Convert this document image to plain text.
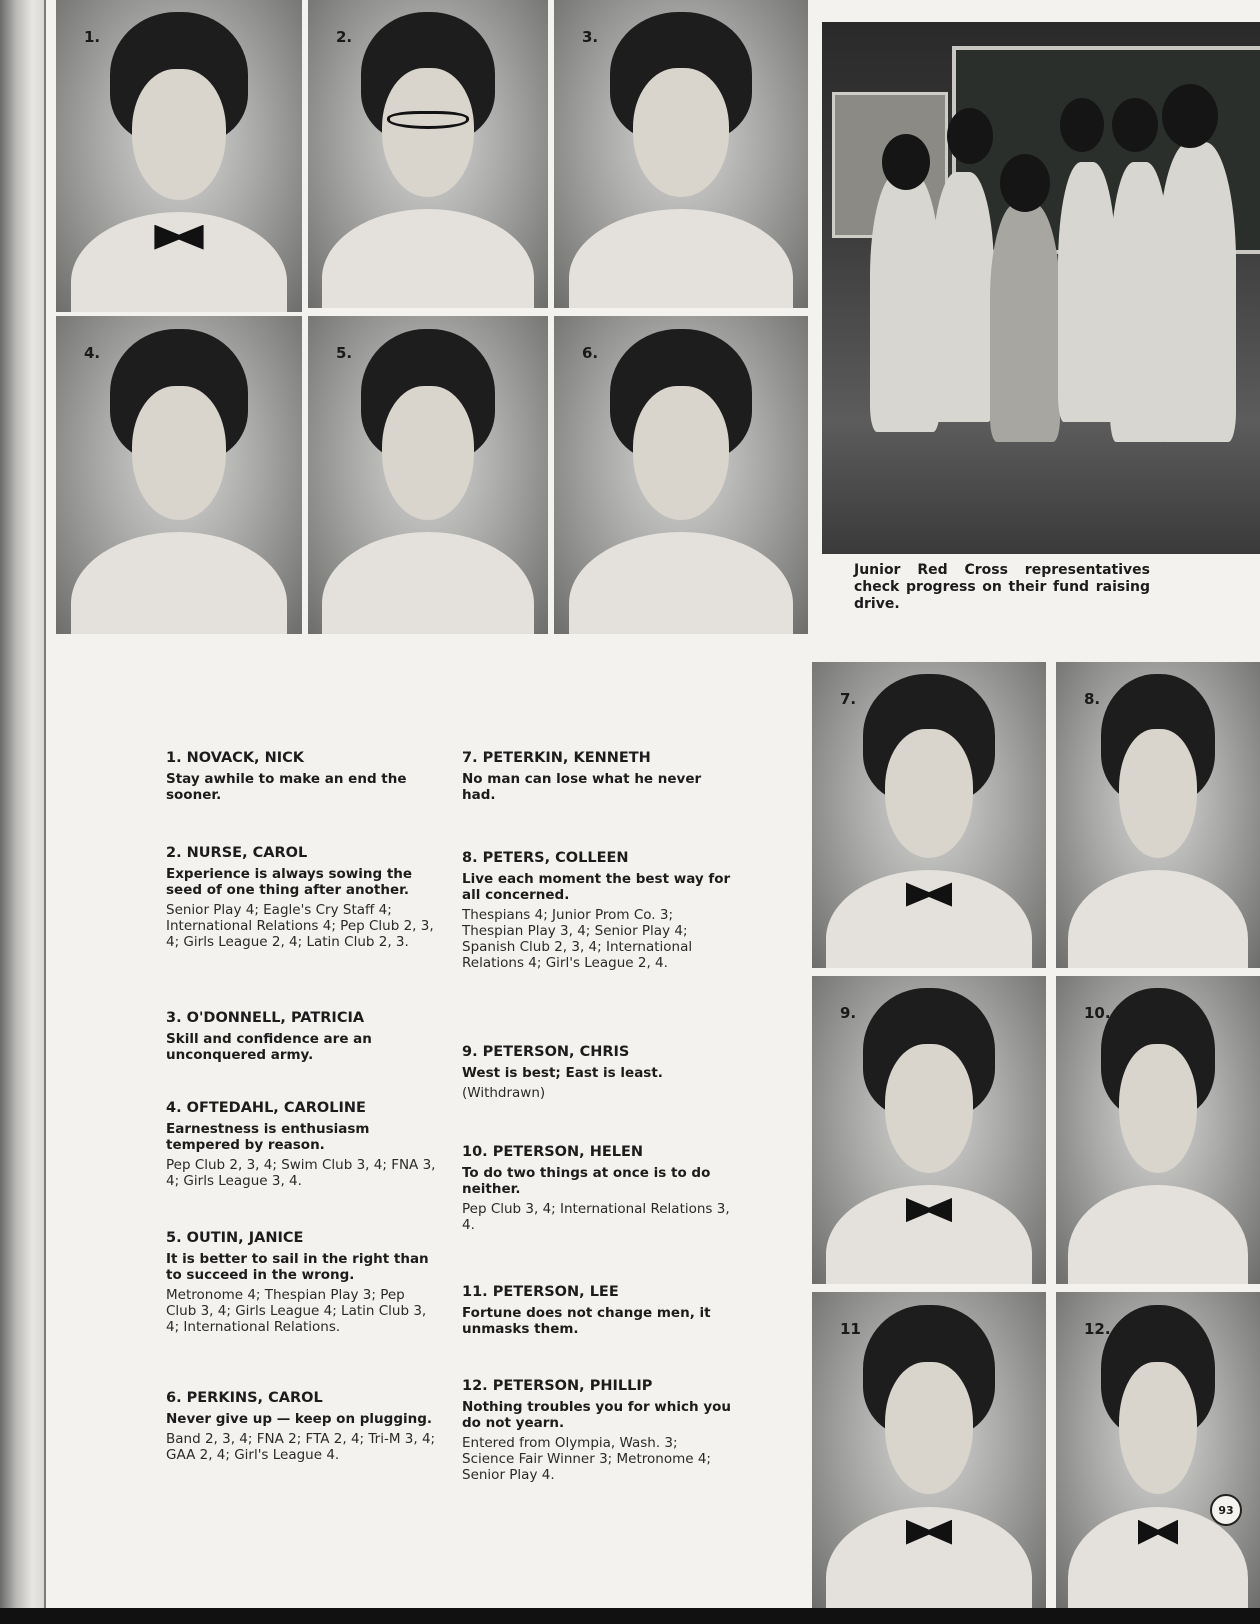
1.	2.	3.
4.	5.	6.
7.	8.
9.	10.
11	12.
Junior Red Cross representatives check progress on their fund raising drive.
1. NOVACK, NICK
Stay awhile to make an end the sooner.
2. NURSE, CAROL
Experience is always sowing the seed of one thing after another.
Senior Play 4; Eagle's Cry Staff 4; International Relations 4; Pep Club 2, 3, 4; Girls League 2, 4; Latin Club 2, 3.
3. O'DONNELL, PATRICIA
Skill and confidence are an unconquered army.
4. OFTEDAHL, CAROLINE
Earnestness is enthusiasm tempered by reason.
Pep Club 2, 3, 4; Swim Club 3, 4; FNA 3, 4; Girls League 3, 4.
5. OUTIN, JANICE
It is better to sail in the right than to succeed in the wrong.
Metronome 4; Thespian Play 3; Pep Club 3, 4; Girls League 4; Latin Club 3, 4; International Relations.
6. PERKINS, CAROL
Never give up — keep on plugging.
Band 2, 3, 4; FNA 2; FTA 2, 4; Tri-M 3, 4; GAA 2, 4; Girl's League 4.
7. PETERKIN, KENNETH
No man can lose what he never had.
8. PETERS, COLLEEN
Live each moment the best way for all concerned.
Thespians 4; Junior Prom Co. 3; Thespian Play 3, 4; Senior Play 4; Spanish Club 2, 3, 4; International Relations 4; Girl's League 2, 4.
9. PETERSON, CHRIS
West is best; East is least.
(Withdrawn)
10. PETERSON, HELEN
To do two things at once is to do neither.
Pep Club 3, 4; International Relations 3, 4.
11. PETERSON, LEE
Fortune does not change men, it unmasks them.
12. PETERSON, PHILLIP
Nothing troubles you for which you do not yearn.
Entered from Olympia, Wash. 3; Science Fair Winner 3; Metronome 4; Senior Play 4.
93
